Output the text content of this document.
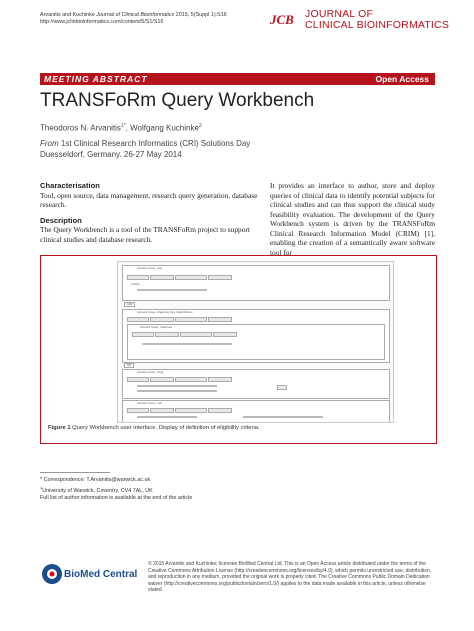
Arvanitis and Kuchinke Journal of Clinical Bioinformatics 2015, 5(Suppl 1):S16
http://www.jclinbioinformatics.com/content/5/S1/S16	JCB JOURNAL OF
CLINICAL BIOINFORMATICS
MEETING ABSTRACT	Open Access
TRANSFoRm Query Workbench
Theodoros N. Arvanitis$^{1*}$, Wolfgang Kuchinke$^2$
From 1st Clinical Research Informatics (CRI) Solutions Day
Duesseldorf, Germany. 26-27 May 2014
Characterisation

Tool, open source, data management, research query generation, database research.

Description

The Query Workbench is a tool of the TRANSFoRm project to support clinical studies and database research.

It provides an interface to author, store and deploy queries of clinical data to identify potential subjects for clinical studies and can thus support the clinical study feasibility evaluation. The development of the Query Workbench system is driven by the TRANSFoRm Clinical Research Information Model (CRIM) [1], enabling the creation of a semantically aware software tool for

Inclusion Group - Age
Criteria
AND
Inclusion Group - Diagnosis Type II Identification
Inclusion Group - Diagnosis
OR
Inclusion Group - Drug
Inclusion Group - Lab
Figure 1 Query Workbench user interface. Display of definition of eligibility criteria.
* Correspondence: T.Arvanitis@warwick.ac.uk
$^1$University of Warwick, Coventry, CV4 7AL, UK
Full list of author information is available at the end of the article
BioMed Central
© 2015 Arvanitis and Kuchinke; licensee BioMed Central Ltd. This is an Open Access article distributed under the terms of the Creative Commons Attribution License (http://creativecommons.org/licenses/by/4.0), which permits unrestricted use, distribution, and reproduction in any medium, provided the original work is properly cited. The Creative Commons Public Domain Dedication waiver (http://creativecommons.org/publicdomain/zero/1.0/) applies to the data made available in this article, unless otherwise stated.
